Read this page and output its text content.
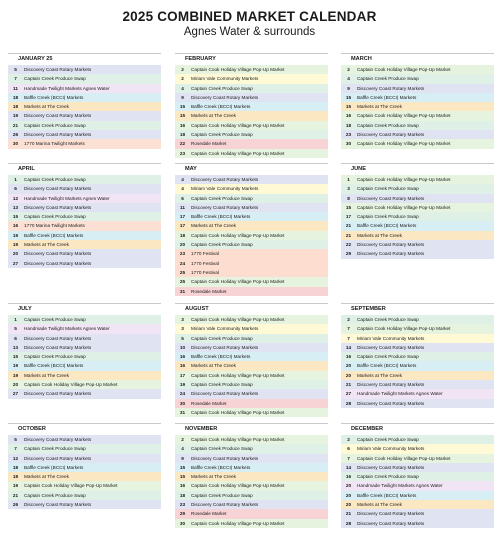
2025 COMBINED MARKET CALENDAR
Agnes Water & surrounds
JANUARY 25
5	Discovery Coast Rotary Markets
7	Captain Creek Produce Swap
11	Handmade Twilight Markets Agnes Water
18	Baffle Creek (BCCI) Markets
18	Markets at The Creek
19	Discovery Coast Rotary Markets
21	Captain Creek Produce Swap
26	Discovery Coast Rotary Markets
30	1770 Marina Twilight Markets
FEBRUARY
2	Captain Cook Holiday Village Pop-Up Market
2	Miriam Vale Community Markets
4	Captain Creek Produce Swap
9	Discovery Coast Rotary Markets
15	Baffle Creek (BCCI) Markets
15	Markets at The Creek
16	Captain Cook Holiday Village Pop-Up Market
18	Captain Creek Produce Swap
22	Rosedale Market
23	Captain Cook Holiday Village Pop-Up Market
MARCH
2	Captain Cook Holiday Village Pop-Up Market
4	Captain Creek Produce Swap
9	Discovery Coast Rotary Markets
15	Baffle Creek (BCCI) Markets
15	Markets at The Creek
16	Captain Cook Holiday Village Pop-Up Market
18	Captain Creek Produce Swap
23	Discovery Coast Rotary Markets
30	Captain Cook Holiday Village Pop-Up Market
APRIL
1	Captain Creek Produce Swap
6	Discovery Coast Rotary Markets
12	Handmade Twilight Markets Agnes Water
13	Discovery Coast Rotary Markets
15	Captain Creek Produce Swap
16	1770 Marina Twilight Markets
19	Baffle Creek (BCCI) Markets
19	Markets at The Creek
20	Discovery Coast Rotary Markets
27	Discovery Coast Rotary Markets
MAY
4	Discovery Coast Rotary Markets
4	Miriam Vale Community Markets
6	Captain Creek Produce Swap
11	Discovery Coast Rotary Markets
17	Baffle Creek (BCCI) Markets
17	Markets at The Creek
18	Captain Cook Holiday Village Pop-Up Market
20	Captain Creek Produce Swap
23	1770 Festival
24	1770 Festival
25	1770 Festival
25	Captain Cook Holiday Village Pop-Up Market
31	Rosedale Market
JUNE
1	Captain Cook Holiday Village Pop-Up Market
3	Captain Creek Produce Swap
8	Discovery Coast Rotary Markets
15	Captain Cook Holiday Village Pop-Up Market
17	Captain Creek Produce Swap
21	Baffle Creek (BCCI) Markets
21	Markets at The Creek
22	Discovery Coast Rotary Markets
29	Discovery Coast Rotary Markets
JULY
1	Captain Creek Produce Swap
5	Handmade Twilight Markets Agnes Water
6	Discovery Coast Rotary Markets
13	Discovery Coast Rotary Markets
15	Captain Creek Produce Swap
19	Baffle Creek (BCCI) Markets
19	Markets at The Creek
20	Captain Cook Holiday Village Pop-Up Market
27	Discovery Coast Rotary Markets
AUGUST
3	Captain Cook Holiday Village Pop-Up Market
3	Miriam Vale Community Markets
5	Captain Creek Produce Swap
10	Discovery Coast Rotary Markets
16	Baffle Creek (BCCI) Markets
16	Markets at The Creek
17	Captain Cook Holiday Village Pop-Up Market
19	Captain Creek Produce Swap
24	Discovery Coast Rotary Markets
30	Rosedale Market
31	Captain Cook Holiday Village Pop-Up Market
SEPTEMBER
2	Captain Creek Produce Swap
7	Captain Cook Holiday Village Pop-Up Market
7	Miriam Vale Community Markets
14	Discovery Coast Rotary Markets
16	Captain Creek Produce Swap
20	Baffle Creek (BCCI) Markets
20	Markets at The Creek
21	Discovery Coast Rotary Markets
27	Handmade Twilight Markets Agnes Water
28	Discovery Coast Rotary Markets
OCTOBER
5	Discovery Coast Rotary Markets
7	Captain Creek Produce Swap
12	Discovery Coast Rotary Markets
18	Baffle Creek (BCCI) Markets
18	Markets at The Creek
19	Captain Cook Holiday Village Pop-Up Market
21	Captain Creek Produce Swap
26	Discovery Coast Rotary Markets
NOVEMBER
2	Captain Cook Holiday Village Pop-Up Market
4	Captain Creek Produce Swap
9	Discovery Coast Rotary Markets
15	Baffle Creek (BCCI) Markets
15	Markets at The Creek
16	Captain Cook Holiday Village Pop-Up Market
18	Captain Creek Produce Swap
23	Discovery Coast Rotary Markets
29	Rosedale Market
30	Captain Cook Holiday Village Pop-Up Market
DECEMBER
2	Captain Creek Produce Swap
6	Miriam Vale Community Markets
7	Captain Cook Holiday Village Pop-Up Market
14	Discovery Coast Rotary Markets
16	Captain Creek Produce Swap
20	Handmade Twilight Markets Agnes Water
20	Baffle Creek (BCCI) Markets
20	Markets at The Creek
21	Discovery Coast Rotary Markets
28	Discovery Coast Rotary Markets
